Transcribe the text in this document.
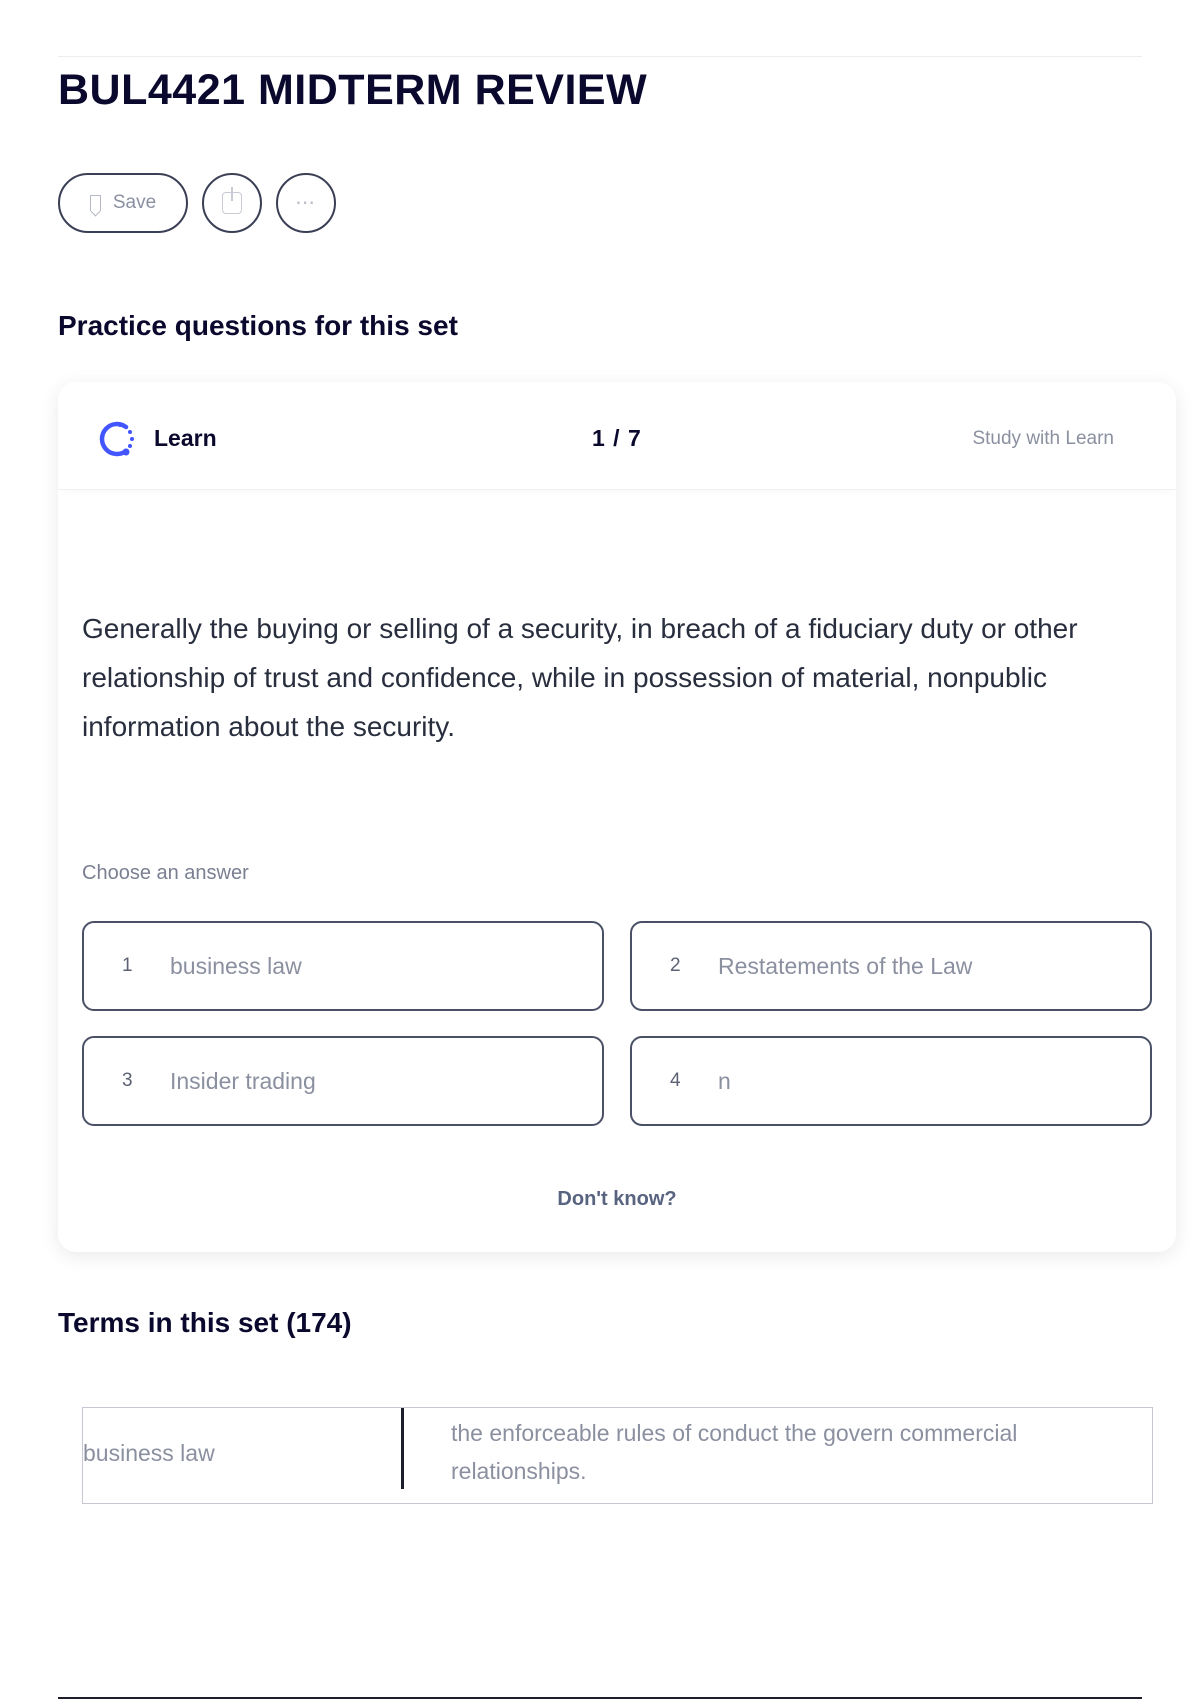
BUL4421 MIDTERM REVIEW
Save	⋯
Practice questions for this set
Learn	1 / 7	Study with Learn

Generally the buying or selling of a security, in breach of a fiduciary duty or other relationship of trust and confidence, while in possession of material, nonpublic information about the security.

Choose an answer
1 business law	2 Restatements of the Law
3 Insider trading	4 n
Don't know?
Terms in this set (174)
business law

the enforceable rules of conduct the govern commercial relationships.
